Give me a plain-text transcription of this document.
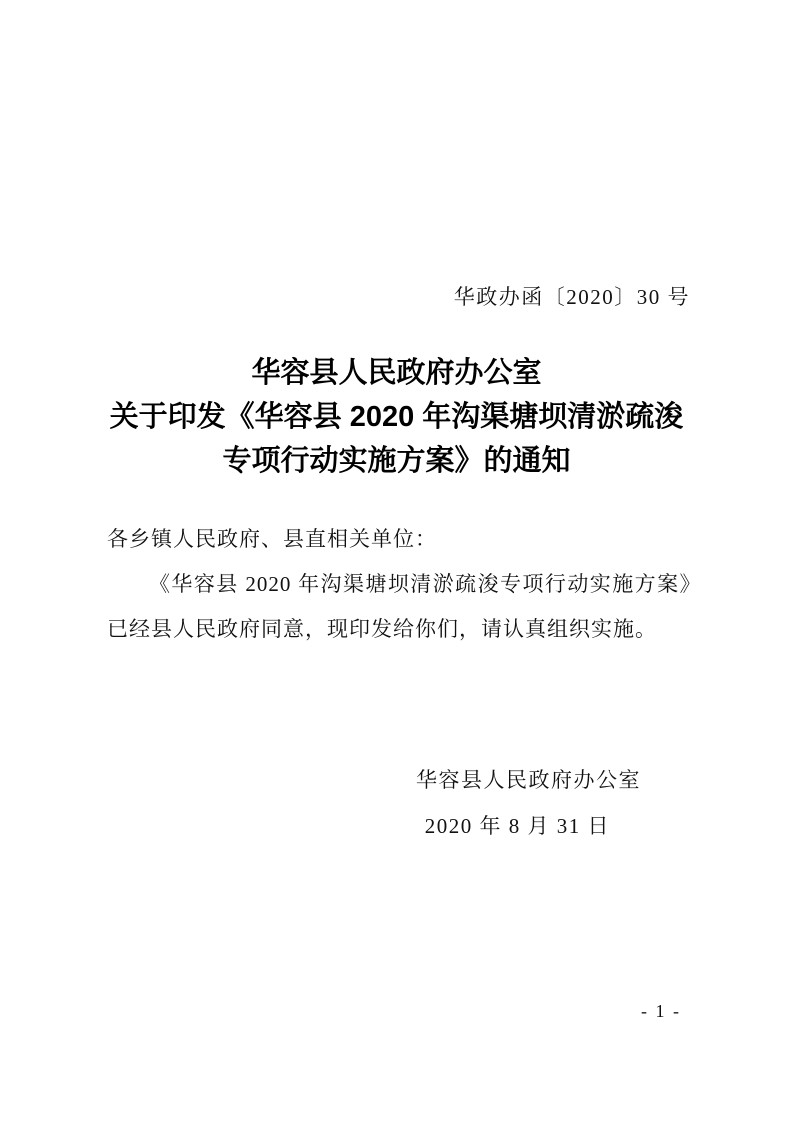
华政办函〔2020〕30 号
华容县人民政府办公室
关于印发《华容县 2020 年沟渠塘坝清淤疏浚
专项行动实施方案》的通知
各乡镇人民政府、县直相关单位：
《华容县 2020 年沟渠塘坝清淤疏浚专项行动实施方案》已经县人民政府同意，现印发给你们，请认真组织实施。
华容县人民政府办公室
2020 年 8 月 31 日
- 1 -
